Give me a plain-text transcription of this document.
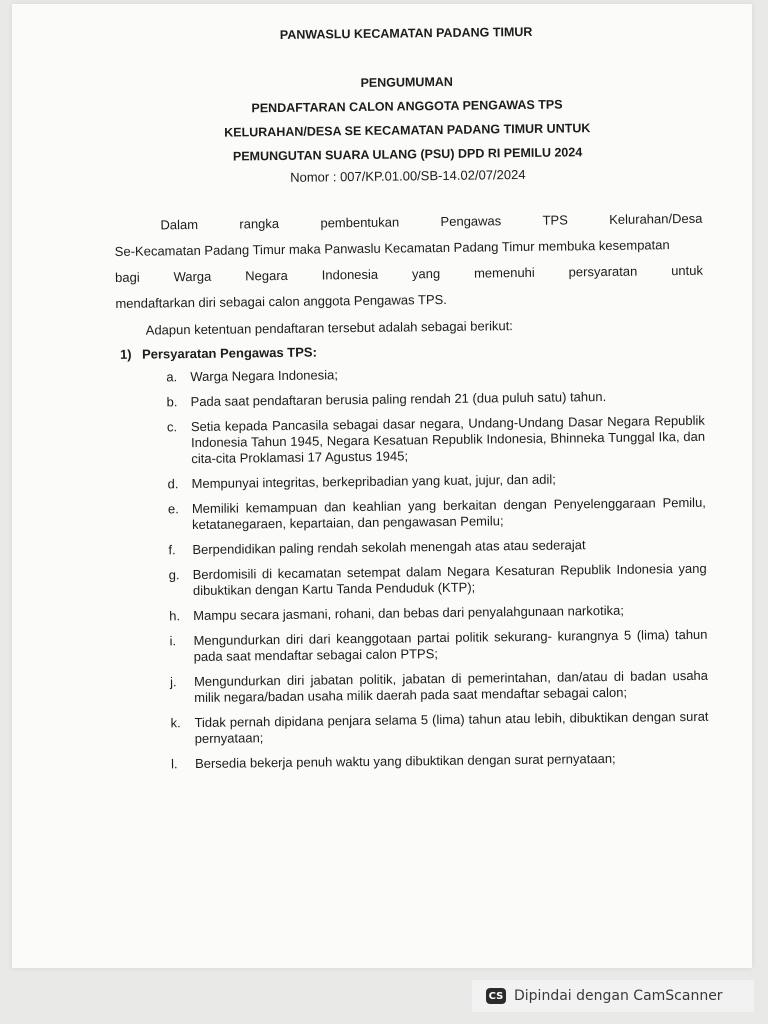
PANWASLU KECAMATAN PADANG TIMUR

PENGUMUMAN

PENDAFTARAN CALON ANGGOTA PENGAWAS TPS

KELURAHAN/DESA SE KECAMATAN PADANG TIMUR UNTUK

PEMUNGUTAN SUARA ULANG (PSU) DPD RI PEMILU 2024

Nomor : 007/KP.01.00/SB-14.02/07/2024

Dalam	rangka	pembentukan	Pengawas	TPS	Kelurahan/Desa
Se-Kecamatan Padang Timur maka Panwaslu Kecamatan Padang Timur membuka kesempatan
bagi	Warga	Negara	Indonesia	yang	memenuhi	persyaratan	untuk
mendaftarkan diri sebagai calon anggota Pengawas TPS.

Adapun ketentuan pendaftaran tersebut adalah sebagai berikut:

1) Persyaratan Pengawas TPS:
a. Warga Negara Indonesia;
b. Pada saat pendaftaran berusia paling rendah 21 (dua puluh satu) tahun.
c.	Setia kepada Pancasila sebagai dasar negara, Undang-Undang Dasar Negara Republik Indonesia Tahun 1945, Negara Kesatuan Republik Indonesia, Bhinneka Tunggal Ika, dan cita-cita Proklamasi 17 Agustus 1945;
d. Mempunyai integritas, berkepribadian yang kuat, jujur, dan adil;
e. Memiliki kemampuan dan keahlian yang berkaitan dengan Penyelenggaraan Pemilu, ketatanegaraen, kepartaian, dan pengawasan Pemilu;
f.	Berpendidikan paling rendah sekolah menengah atas atau sederajat
g. Berdomisili di kecamatan setempat dalam Negara Kesaturan Republik Indonesia yang dibuktikan dengan Kartu Tanda Penduduk (KTP);
h. Mampu secara jasmani, rohani, dan bebas dari penyalahgunaan narkotika;
i.	Mengundurkan diri dari keanggotaan partai politik sekurang- kurangnya 5 (lima) tahun pada saat mendaftar sebagai calon PTPS;
j.	Mengundurkan diri jabatan politik, jabatan di pemerintahan, dan/atau di badan usaha milik negara/badan usaha milik daerah pada saat mendaftar sebagai calon;
k.	Tidak pernah dipidana penjara selama 5 (lima) tahun atau lebih, dibuktikan dengan surat pernyataan;
l.	Bersedia bekerja penuh waktu yang dibuktikan dengan surat pernyataan;
CS Dipindai dengan CamScanner
